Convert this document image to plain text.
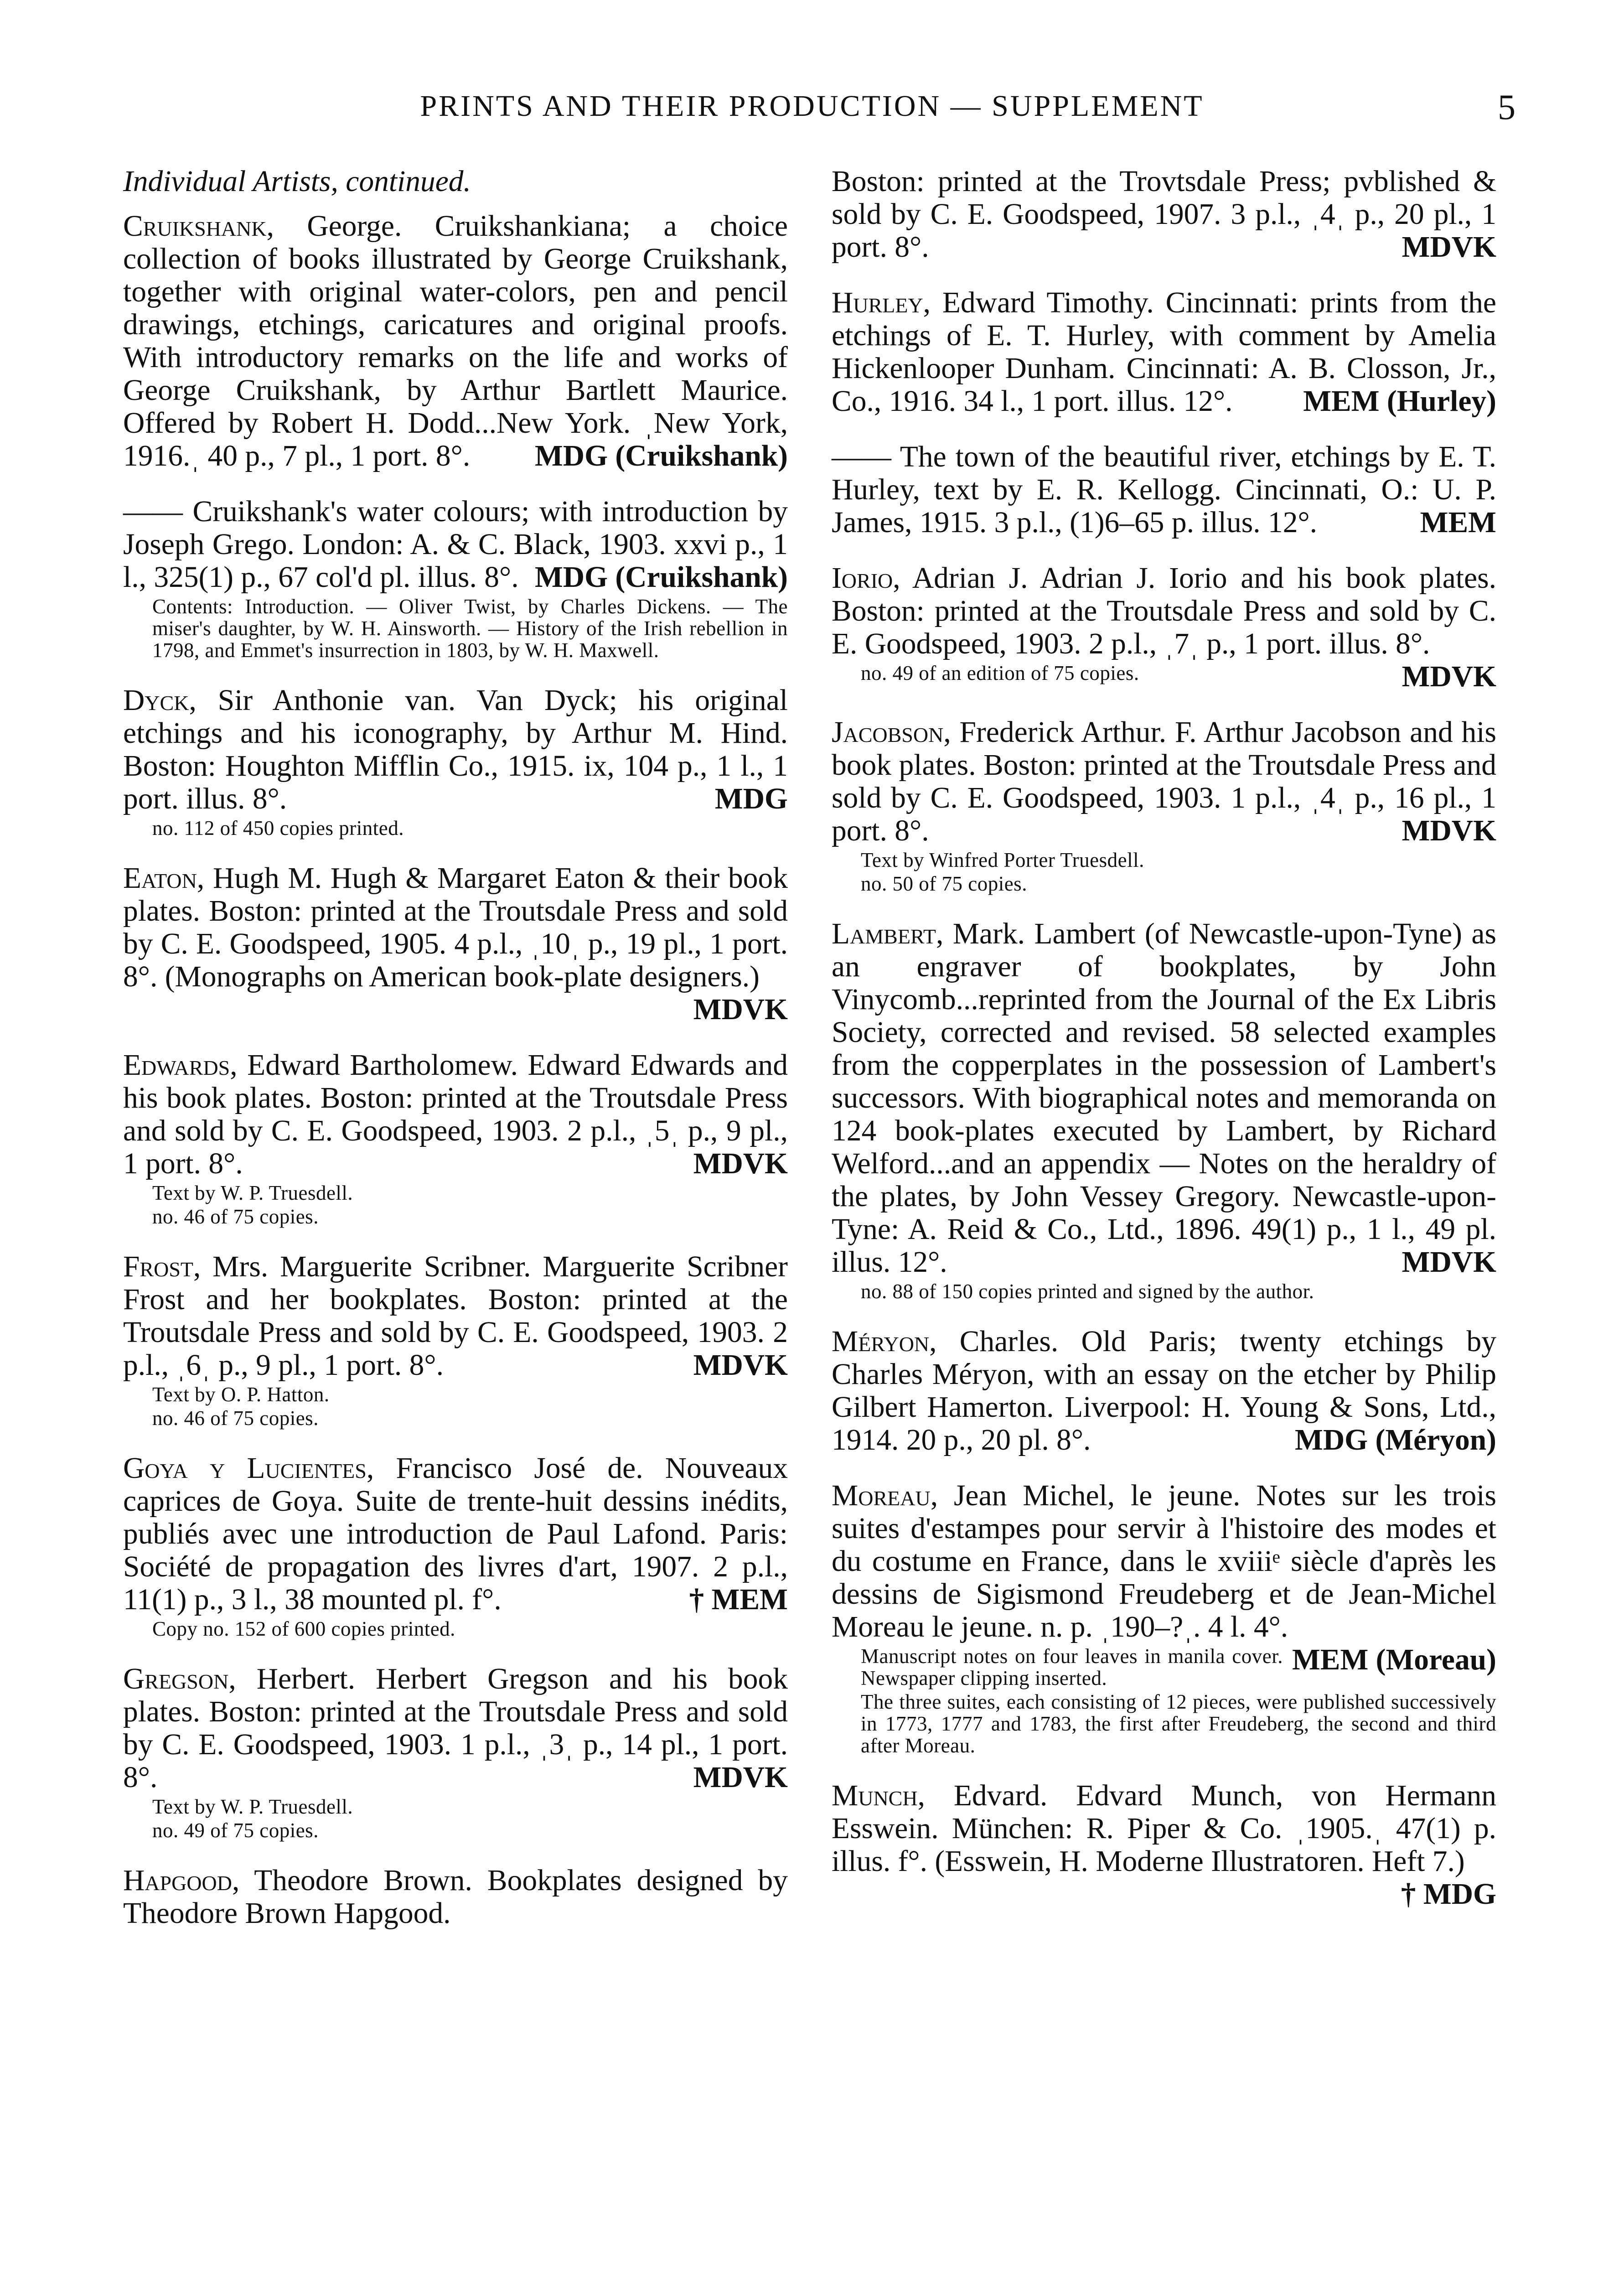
PRINTS AND THEIR PRODUCTION — SUPPLEMENT	5
Individual Artists, continued.

Cruikshank, George. Cruikshankiana; a choice collection of books illustrated by George Cruikshank, together with original water-colors, pen and pencil drawings, etchings, caricatures and original proofs. With introductory remarks on the life and works of George Cruikshank, by Arthur Bartlett Maurice. Offered by Robert H. Dodd...New York. ˌNew York, 1916.ˌ 40 p., 7 pl., 1 port. 8°. MDG (Cruikshank)

—— Cruikshank's water colours; with introduction by Joseph Grego. London: A. & C. Black, 1903. xxvi p., 1 l., 325(1) p., 67 col'd pl. illus. 8°. MDG (Cruikshank)

Contents: Introduction. — Oliver Twist, by Charles Dickens. — The miser's daughter, by W. H. Ainsworth. — History of the Irish rebellion in 1798, and Emmet's insurrection in 1803, by W. H. Maxwell.

Dyck, Sir Anthonie van. Van Dyck; his original etchings and his iconography, by Arthur M. Hind. Boston: Houghton Mifflin Co., 1915. ix, 104 p., 1 l., 1 port. illus. 8°.	MDG

no. 112 of 450 copies printed.

Eaton, Hugh M. Hugh & Margaret Eaton & their book plates. Boston: printed at the Troutsdale Press and sold by C. E. Goodspeed, 1905. 4 p.l., ˌ10ˌ p., 19 pl., 1 port. 8°. (Monographs on American book-plate designers.)
MDVK

Edwards, Edward Bartholomew. Edward Edwards and his book plates. Boston: printed at the Troutsdale Press and sold by C. E. Goodspeed, 1903. 2 p.l., ˌ5ˌ p., 9 pl., 1 port. 8°.	MDVK

Text by W. P. Truesdell.
no. 46 of 75 copies.

Frost, Mrs. Marguerite Scribner. Marguerite Scribner Frost and her bookplates. Boston: printed at the Troutsdale Press and sold by C. E. Goodspeed, 1903. 2 p.l., ˌ6ˌ p., 9 pl., 1 port. 8°.	MDVK

Text by O. P. Hatton.
no. 46 of 75 copies.

Goya y Lucientes, Francisco José de. Nouveaux caprices de Goya. Suite de trente-huit dessins inédits, publiés avec une introduction de Paul Lafond. Paris: Société de propagation des livres d'art, 1907. 2 p.l., 11(1) p., 3 l., 38 mounted pl. f°.	† MEM

Copy no. 152 of 600 copies printed.

Gregson, Herbert. Herbert Gregson and his book plates. Boston: printed at the Troutsdale Press and sold by C. E. Goodspeed, 1903. 1 p.l., ˌ3ˌ p., 14 pl., 1 port. 8°.	MDVK

Text by W. P. Truesdell.
no. 49 of 75 copies.

Hapgood, Theodore Brown. Bookplates designed by Theodore Brown Hapgood.

Boston: printed at the Trovtsdale Press; pvblished & sold by C. E. Goodspeed, 1907. 3 p.l., ˌ4ˌ p., 20 pl., 1 port. 8°.	MDVK

Hurley, Edward Timothy. Cincinnati: prints from the etchings of E. T. Hurley, with comment by Amelia Hickenlooper Dunham. Cincinnati: A. B. Closson, Jr., Co., 1916. 34 l., 1 port. illus. 12°. MEM (Hurley)

—— The town of the beautiful river, etchings by E. T. Hurley, text by E. R. Kellogg. Cincinnati, O.: U. P. James, 1915. 3 p.l., (1)6–65 p. illus. 12°.	MEM

Iorio, Adrian J. Adrian J. Iorio and his book plates. Boston: printed at the Troutsdale Press and sold by C. E. Goodspeed, 1903. 2 p.l., ˌ7ˌ p., 1 port. illus. 8°.
MDVK

no. 49 of an edition of 75 copies.

Jacobson, Frederick Arthur. F. Arthur Jacobson and his book plates. Boston: printed at the Troutsdale Press and sold by C. E. Goodspeed, 1903. 1 p.l., ˌ4ˌ p., 16 pl., 1 port. 8°.	MDVK

Text by Winfred Porter Truesdell.
no. 50 of 75 copies.

Lambert, Mark. Lambert (of Newcastle-upon-Tyne) as an engraver of bookplates, by John Vinycomb...reprinted from the Journal of the Ex Libris Society, corrected and revised. 58 selected examples from the copperplates in the possession of Lambert's successors. With biographical notes and memoranda on 124 book-plates executed by Lambert, by Richard Welford...and an appendix — Notes on the heraldry of the plates, by John Vessey Gregory. Newcastle-upon-Tyne: A. Reid & Co., Ltd., 1896. 49(1) p., 1 l., 49 pl. illus. 12°.	MDVK

no. 88 of 150 copies printed and signed by the author.

Méryon, Charles. Old Paris; twenty etchings by Charles Méryon, with an essay on the etcher by Philip Gilbert Hamerton. Liverpool: H. Young & Sons, Ltd., 1914. 20 p., 20 pl. 8°.	MDG (Méryon)

Moreau, Jean Michel, le jeune. Notes sur les trois suites d'estampes pour servir à l'histoire des modes et du costume en France, dans le xviiiᵉ siècle d'après les dessins de Sigismond Freudeberg et de Jean-Michel Moreau le jeune. n. p. ˌ190–?ˌ. 4 l. 4°.
MEM (Moreau)

Manuscript notes on four leaves in manila cover. Newspaper clipping inserted.
The three suites, each consisting of 12 pieces, were published successively in 1773, 1777 and 1783, the first after Freudeberg, the second and third after Moreau.

Munch, Edvard. Edvard Munch, von Hermann Esswein. München: R. Piper & Co. ˌ1905.ˌ 47(1) p. illus. f°. (Esswein, H. Moderne Illustratoren. Heft 7.)
† MDG
